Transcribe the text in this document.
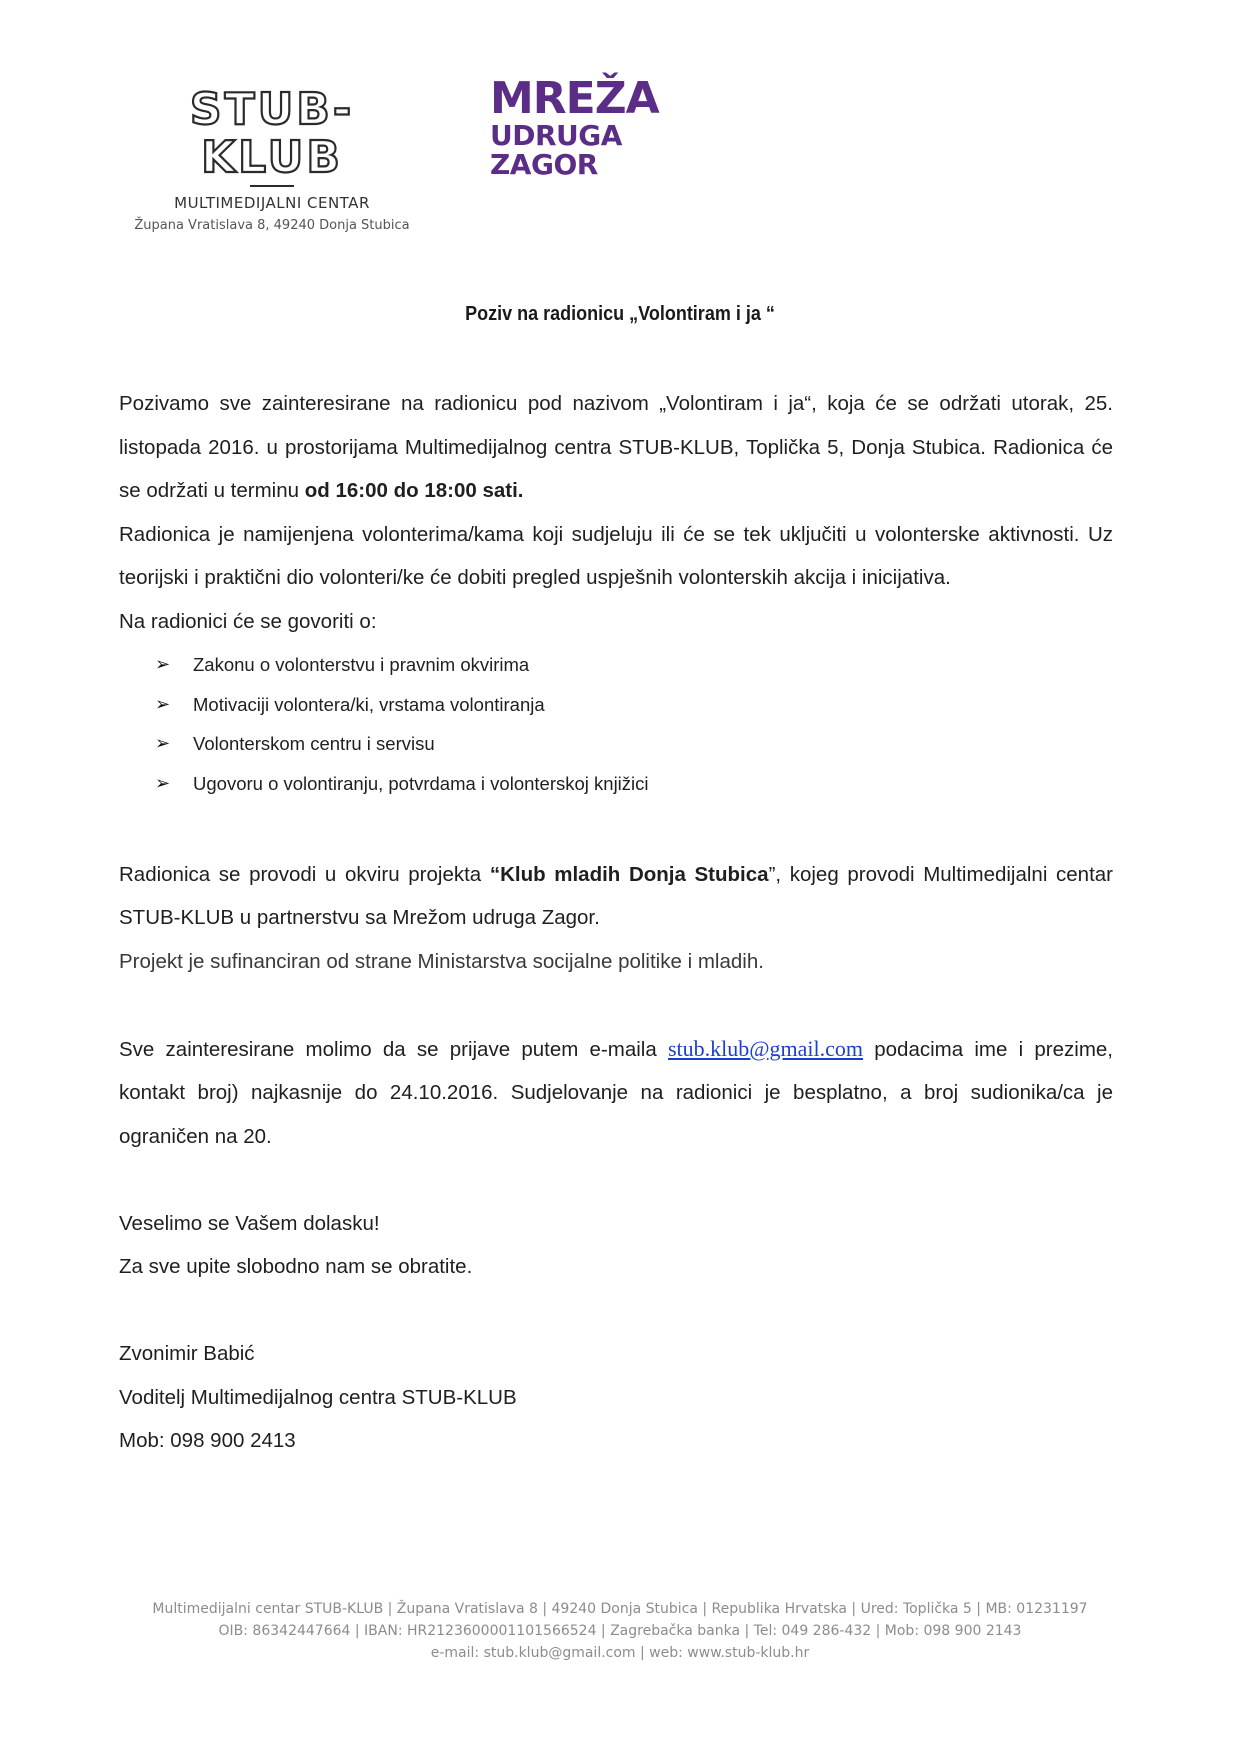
STUB-KLUB
MULTIMEDIJALNI CENTAR
Župana Vratislava 8, 49240 Donja Stubica
MREŽA
UDRUGA
ZAGOR
Poziv na radionicu „Volontiram i ja “

Pozivamo sve zainteresirane na radionicu pod nazivom „Volontiram i ja“, koja će se održati utorak, 25. listopada 2016. u prostorijama Multimedijalnog centra STUB-KLUB, Toplička 5, Donja Stubica. Radionica će se održati u terminu od 16:00 do 18:00 sati.

Radionica je namijenjena volonterima/kama koji sudjeluju ili će se tek uključiti u volonterske aktivnosti. Uz teorijski i praktični dio volonteri/ke će dobiti pregled uspješnih volonterskih akcija i inicijativa.

Na radionici će se govoriti o:

➢	Zakonu o volonterstvu i pravnim okvirima
➢	Motivaciji volontera/ki, vrstama volontiranja
➢	Volonterskom centru i servisu
➢	Ugovoru o volontiranju, potvrdama i volonterskoj knjižici

Radionica se provodi u okviru projekta “Klub mladih Donja Stubica”, kojeg provodi Multimedijalni centar STUB-KLUB u partnerstvu sa Mrežom udruga Zagor.

Projekt je sufinanciran od strane Ministarstva socijalne politike i mladih.

Sve zainteresirane molimo da se prijave putem e-maila stub.klub@gmail.com podacima ime i prezime, kontakt broj) najkasnije do 24.10.2016. Sudjelovanje na radionici je besplatno, a broj sudionika/ca je ograničen na 20.

Veselimo se Vašem dolasku!

Za sve upite slobodno nam se obratite.

Zvonimir Babić

Voditelj Multimedijalnog centra STUB-KLUB

Mob: 098 900 2413

Multimedijalni centar STUB-KLUB | Župana Vratislava 8 | 49240 Donja Stubica | Republika Hrvatska | Ured: Toplička 5 | MB: 01231197
OIB: 86342447664 | IBAN: HR2123600001101566524 | Zagrebačka banka | Tel: 049 286-432 | Mob: 098 900 2143
e-mail: stub.klub@gmail.com | web: www.stub-klub.hr
